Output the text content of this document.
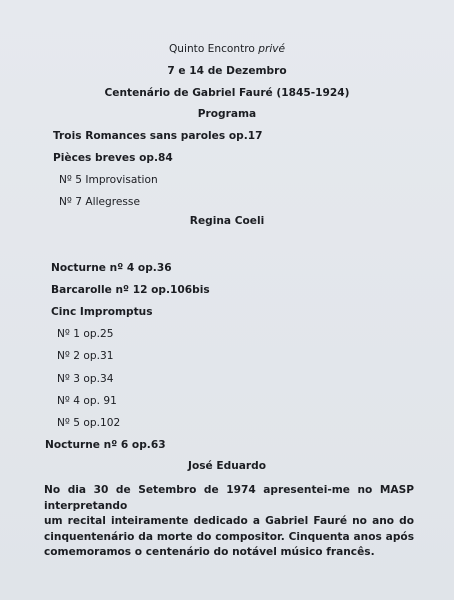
Quinto Encontro privé
7 e 14 de Dezembro
Centenário de Gabriel Fauré (1845-1924)
Programa
Trois Romances sans paroles op.17
Pièces breves op.84
Nº 5 Improvisation
Nº 7 Allegresse
Regina Coeli
Nocturne nº 4 op.36
Barcarolle nº 12 op.106bis
Cinc Impromptus
Nº 1 op.25
Nº 2 op.31
Nº 3 op.34
Nº 4 op. 91
Nº 5 op.102
Nocturne nº 6 op.63
José Eduardo
No dia 30 de Setembro de 1974 apresentei-me no MASP interpretando
um recital inteiramente dedicado a Gabriel Fauré no ano do
cinquentenário da morte do compositor. Cinquenta anos após
comemoramos o centenário do notável músico francês.
